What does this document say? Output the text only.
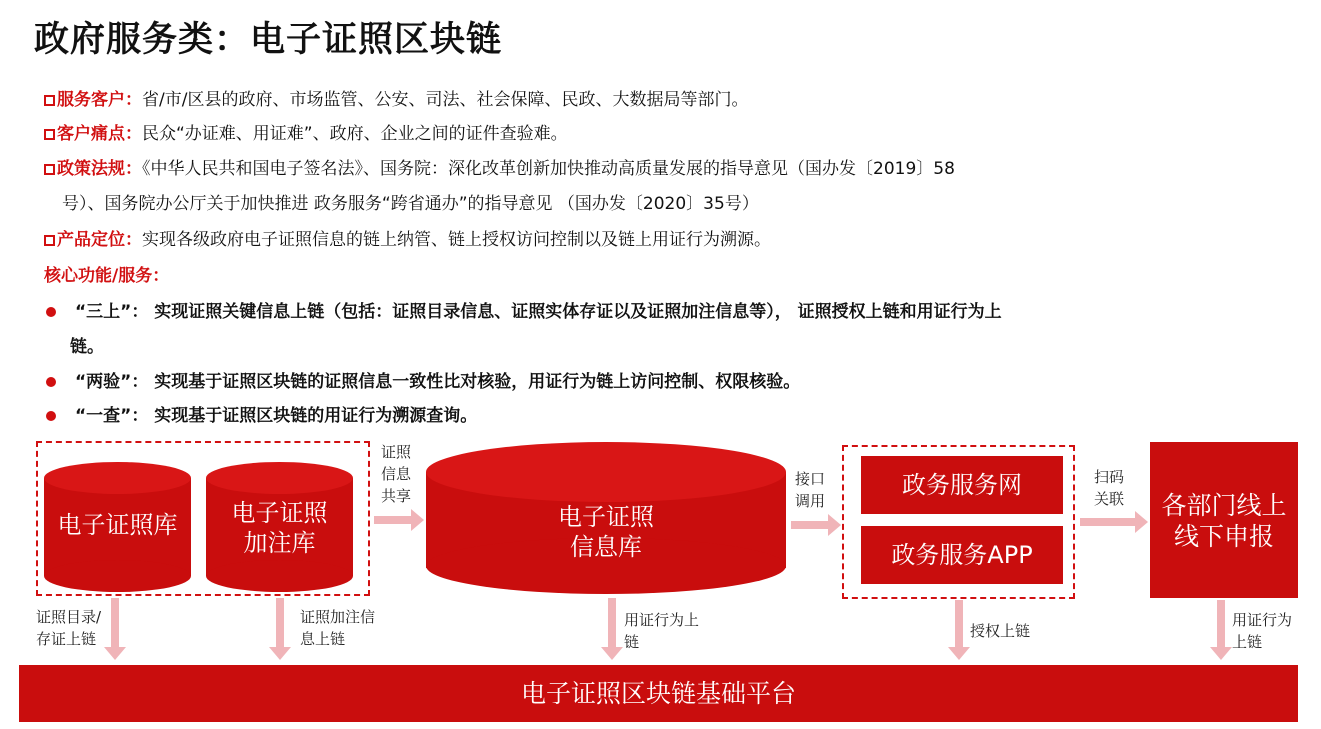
政府服务类：电子证照区块链
服务客户：省/市/区县的政府、市场监管、公安、司法、社会保障、民政、大数据局等部门。
客户痛点：民众“办证难、用证难”、政府、企业之间的证件查验难。
政策法规：《中华人民共和国电子签名法》、国务院：深化改革创新加快推动高质量发展的指导意见（国办发〔2019〕58
号）、国务院办公厅关于加快推进 政务服务“跨省通办”的指导意见 （国办发〔2020〕35号）
产品定位：实现各级政府电子证照信息的链上纳管、链上授权访问控制以及链上用证行为溯源。
核心功能/服务：
“三上”： 实现证照关键信息上链（包括：证照目录信息、证照实体存证以及证照加注信息等）， 证照授权上链和用证行为上
链。
“两验”： 实现基于证照区块链的证照信息一致性比对核验，用证行为链上访问控制、权限核验。
“一查”： 实现基于证照区块链的用证行为溯源查询。
电子证照库	电子证照
加注库
证照
信息
共享
电子证照
信息库
接口
调用
政务服务网
政务服务APP
扫码
关联	各部门线上
线下申报
证照目录/
存证上链
证照加注信
息上链
用证行为上
链
授权上链
用证行为
上链
电子证照区块链基础平台
